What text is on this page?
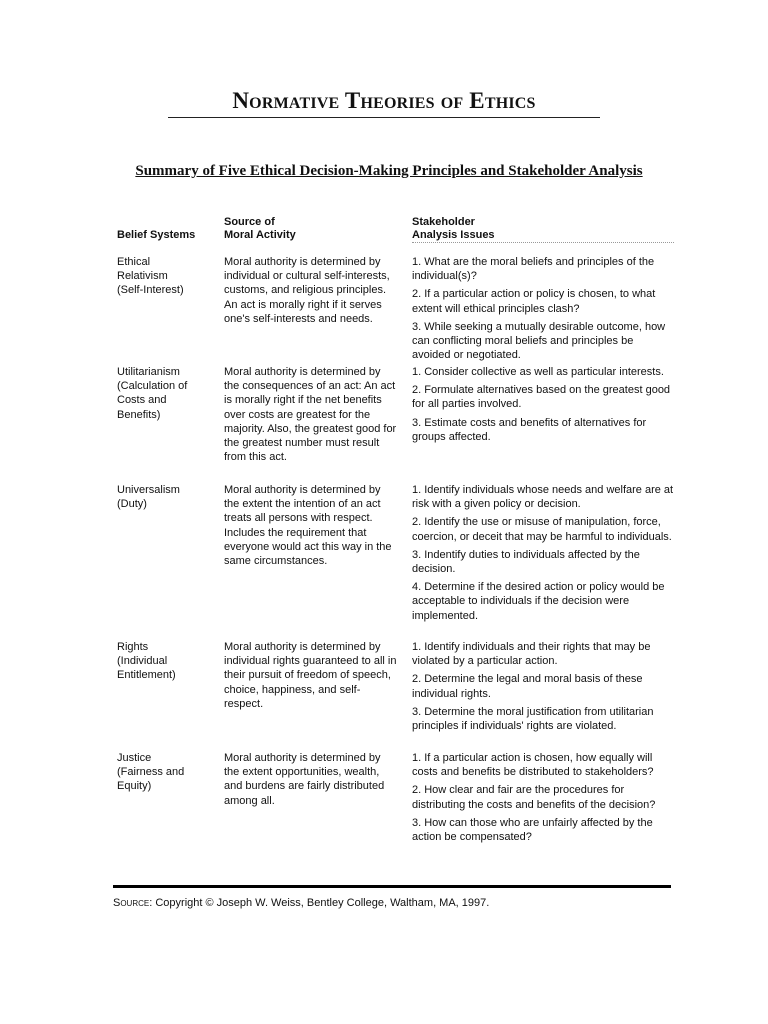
Normative Theories of Ethics
Summary of Five Ethical Decision-Making Principles and Stakeholder Analysis
Belief Systems
Source of
Moral Activity
Stakeholder
Analysis Issues
Ethical
Relativism
(Self-Interest)
Moral authority is determined by individual or cultural self-interests, customs, and religious principles. An act is morally right if it serves one's self-interests and needs.
1. What are the moral beliefs and principles of the individual(s)?
2. If a particular action or policy is chosen, to what extent will ethical principles clash?
3. While seeking a mutually desirable outcome, how can conflicting moral beliefs and principles be avoided or negotiated.
Utilitarianism
(Calculation of
Costs and
Benefits)
Moral authority is determined by the consequences of an act: An act is morally right if the net benefits over costs are greatest for the majority. Also, the greatest good for the greatest number must result from this act.
1. Consider collective as well as particular interests.
2. Formulate alternatives based on the greatest good for all parties involved.
3. Estimate costs and benefits of alternatives for groups affected.
Universalism
(Duty)
Moral authority is determined by the extent the intention of an act treats all persons with respect. Includes the requirement that everyone would act this way in the same circumstances.
1. Identify individuals whose needs and welfare are at risk with a given policy or decision.
2. Identify the use or misuse of manipulation, force, coercion, or deceit that may be harmful to individuals.
3. Indentify duties to individuals affected by the decision.
4. Determine if the desired action or policy would be acceptable to individuals if the decision were implemented.
Rights
(Individual
Entitlement)
Moral authority is determined by individual rights guaranteed to all in their pursuit of freedom of speech, choice, happiness, and self-respect.
1. Identify individuals and their rights that may be violated by a particular action.
2. Determine the legal and moral basis of these individual rights.
3. Determine the moral justification from utilitarian principles if individuals' rights are violated.
Justice
(Fairness and
Equity)
Moral authority is determined by the extent opportunities, wealth, and burdens are fairly distributed among all.
1. If a particular action is chosen, how equally will costs and benefits be distributed to stakeholders?
2. How clear and fair are the procedures for distributing the costs and benefits of the decision?
3. How can those who are unfairly affected by the action be compensated?
Source: Copyright © Joseph W. Weiss, Bentley College, Waltham, MA, 1997.
